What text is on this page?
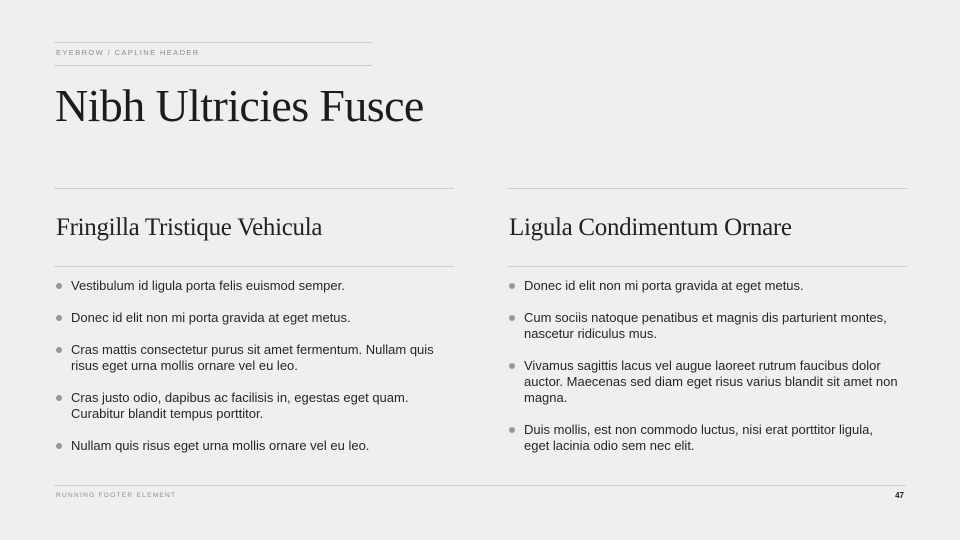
EYEBROW / CAPLINE HEADER
Nibh Ultricies Fusce
Fringilla Tristique Vehicula
Vestibulum id ligula porta felis euismod semper.
Donec id elit non mi porta gravida at eget metus.
Cras mattis consectetur purus sit amet fermentum. Nullam quis risus eget urna mollis ornare vel eu leo.
Cras justo odio, dapibus ac facilisis in, egestas eget quam. Curabitur blandit tempus porttitor.
Nullam quis risus eget urna mollis ornare vel eu leo.
Ligula Condimentum Ornare
Donec id elit non mi porta gravida at eget metus.
Cum sociis natoque penatibus et magnis dis parturient montes, nascetur ridiculus mus.
Vivamus sagittis lacus vel augue laoreet rutrum faucibus dolor auctor. Maecenas sed diam eget risus varius blandit sit amet non magna.
Duis mollis, est non commodo luctus, nisi erat porttitor ligula, eget lacinia odio sem nec elit.
RUNNING FOOTER ELEMENT	47
